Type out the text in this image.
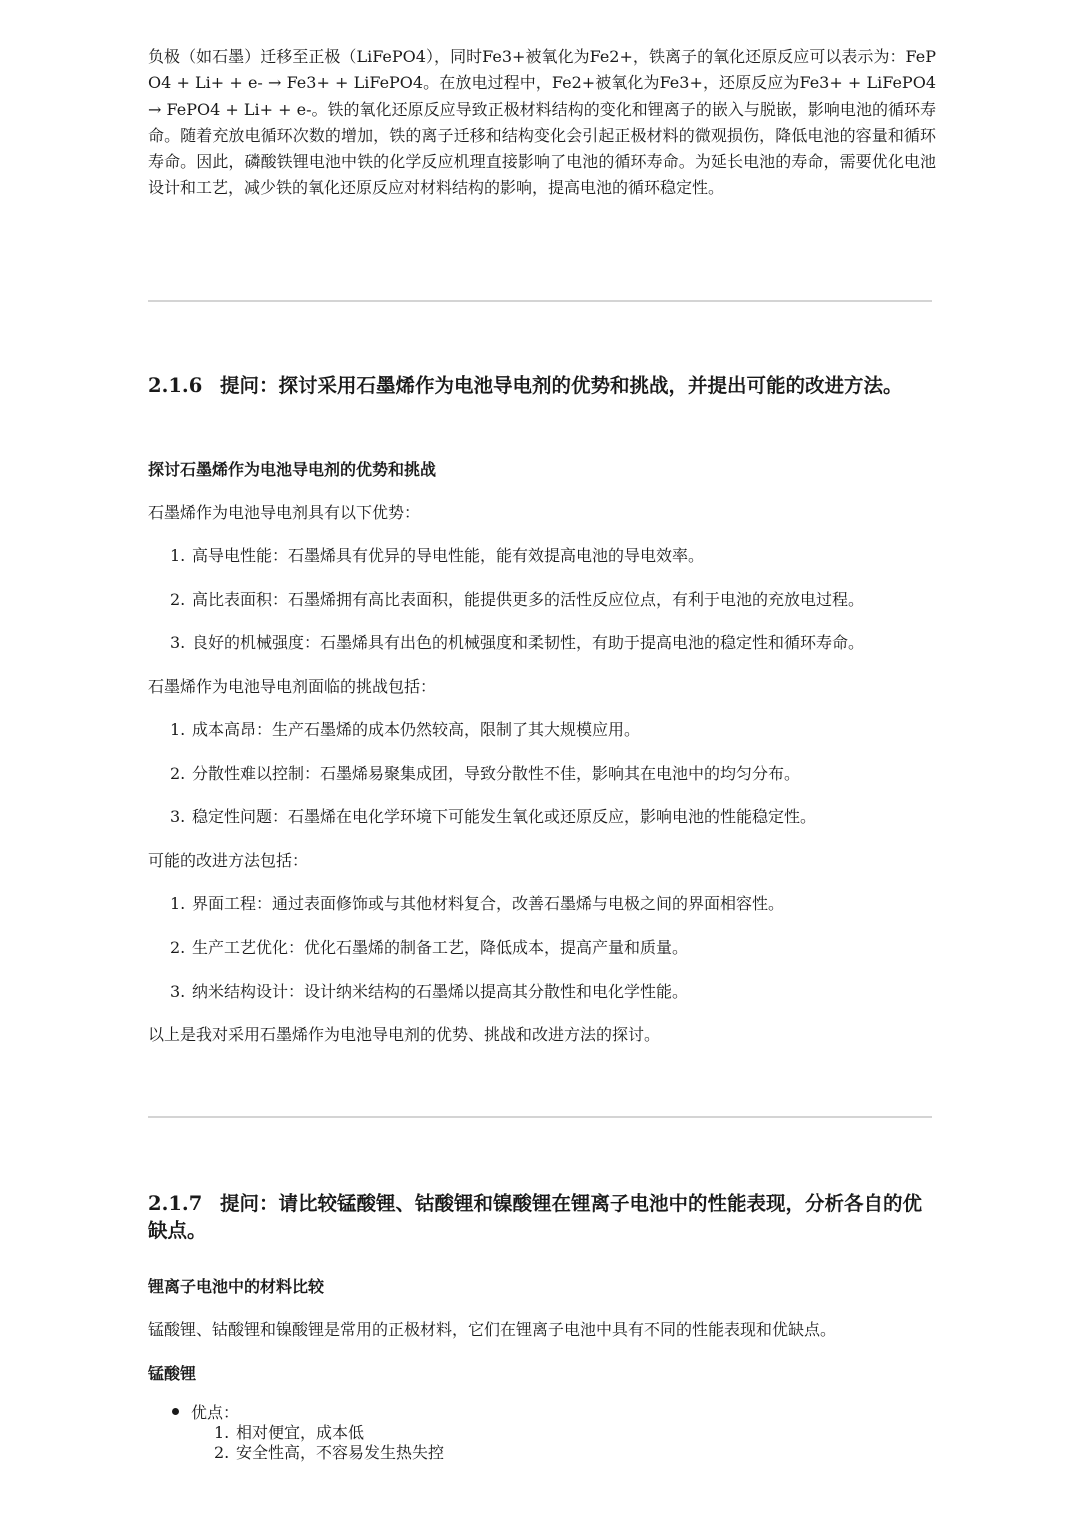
负极（如石墨）迁移至正极（LiFePO4），同时Fe3+被氧化为Fe2+，铁离子的氧化还原反应可以表示为：FePO4 + Li+ + e- → Fe3+ + LiFePO4。在放电过程中，Fe2+被氧化为Fe3+，还原反应为Fe3+ + LiFePO4 → FePO4 + Li+ + e-。铁的氧化还原反应导致正极材料结构的变化和锂离子的嵌入与脱嵌，影响电池的循环寿命。随着充放电循环次数的增加，铁的离子迁移和结构变化会引起正极材料的微观损伤，降低电池的容量和循环寿命。因此，磷酸铁锂电池中铁的化学反应机理直接影响了电池的循环寿命。为延长电池的寿命，需要优化电池设计和工艺，减少铁的氧化还原反应对材料结构的影响，提高电池的循环稳定性。

2.1.6 提问：探讨采用石墨烯作为电池导电剂的优势和挑战，并提出可能的改进方法。

探讨石墨烯作为电池导电剂的优势和挑战

石墨烯作为电池导电剂具有以下优势：

1. 高导电性能：石墨烯具有优异的导电性能，能有效提高电池的导电效率。

2. 高比表面积：石墨烯拥有高比表面积，能提供更多的活性反应位点，有利于电池的充放电过程。

3. 良好的机械强度：石墨烯具有出色的机械强度和柔韧性，有助于提高电池的稳定性和循环寿命。

石墨烯作为电池导电剂面临的挑战包括：

1. 成本高昂：生产石墨烯的成本仍然较高，限制了其大规模应用。

2. 分散性难以控制：石墨烯易聚集成团，导致分散性不佳，影响其在电池中的均匀分布。

3. 稳定性问题：石墨烯在电化学环境下可能发生氧化或还原反应，影响电池的性能稳定性。

可能的改进方法包括：

1. 界面工程：通过表面修饰或与其他材料复合，改善石墨烯与电极之间的界面相容性。

2. 生产工艺优化：优化石墨烯的制备工艺，降低成本，提高产量和质量。

3. 纳米结构设计：设计纳米结构的石墨烯以提高其分散性和电化学性能。

以上是我对采用石墨烯作为电池导电剂的优势、挑战和改进方法的探讨。

2.1.7 提问：请比较锰酸锂、钴酸锂和镍酸锂在锂离子电池中的性能表现，分析各自的优缺点。

锂离子电池中的材料比较

锰酸锂、钴酸锂和镍酸锂是常用的正极材料，它们在锂离子电池中具有不同的性能表现和优缺点。

锰酸锂

优点：

1. 相对便宜，成本低

2. 安全性高，不容易发生热失控
